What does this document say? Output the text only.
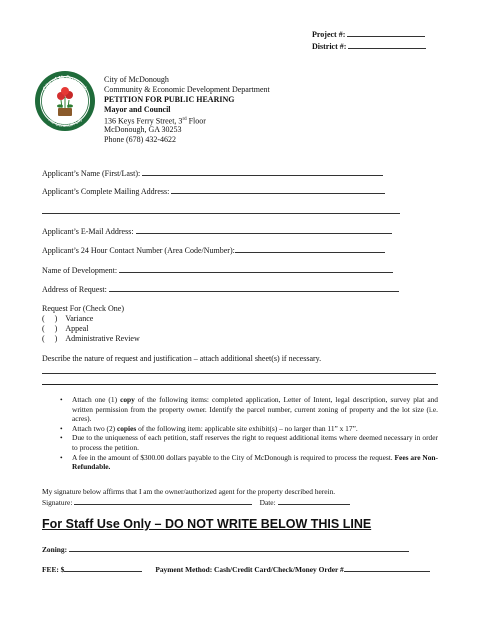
Project #:
District #:
City of McDonough
The Geranium City
City of McDonough
Community & Economic Development Department
PETITION FOR PUBLIC HEARING
Mayor and Council
136 Keys Ferry Street, 3rd Floor
McDonough, GA 30253
Phone (678) 432-4622
Applicant’s Name (First/Last):
Applicant’s Complete Mailing Address:
Applicant’s E-Mail Address:
Applicant’s 24 Hour Contact Number (Area Code/Number):
Name of Development:
Address of Request:
Request For (Check One)
(     ) Variance
(     ) Appeal
(     ) Administrative Review
Describe the nature of request and justification – attach additional sheet(s) if necessary.
• Attach one (1) copy of the following items: completed application, Letter of Intent, legal description, survey plat and written permission from the property owner. Identify the parcel number, current zoning of property and the lot size (i.e. acres).
• Attach two (2) copies of the following item: applicable site exhibit(s) – no larger than 11” x 17”.
• Due to the uniqueness of each petition, staff reserves the right to request additional items where deemed necessary in order to process the petition.
• A fee in the amount of $300.00 dollars payable to the City of McDonough is required to process the request. Fees are Non-Refundable.
My signature below affirms that I am the owner/authorized agent for the property described herein.
Signature:	Date:
For Staff Use Only – DO NOT WRITE BELOW THIS LINE
Zoning:
FEE: $	Payment Method: Cash/Credit Card/Check/Money Order #
